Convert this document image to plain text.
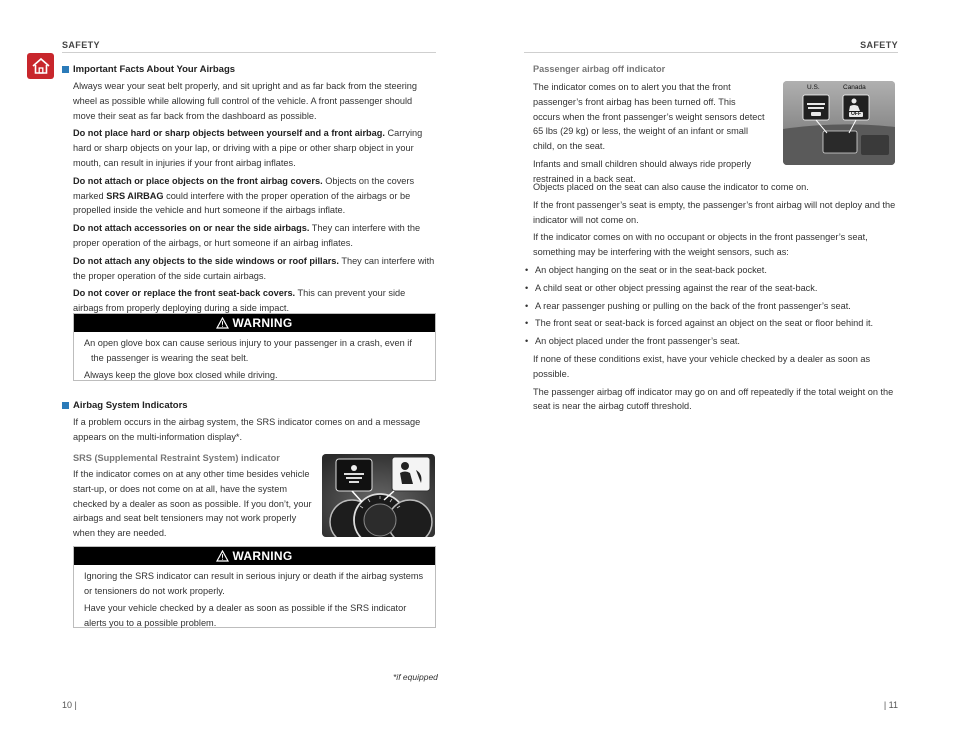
SAFETY
Important Facts About Your Airbags

Always wear your seat belt properly, and sit upright and as far back from the steering wheel as possible while allowing full control of the vehicle. A front passenger should move their seat as far back from the dashboard as possible.

Do not place hard or sharp objects between yourself and a front airbag. Carrying hard or sharp objects on your lap, or driving with a pipe or other sharp object in your mouth, can result in injuries if your front airbag inflates.

Do not attach or place objects on the front airbag covers. Objects on the covers marked SRS AIRBAG could interfere with the proper operation of the airbags or be propelled inside the vehicle and hurt someone if the airbags inflate.

Do not attach accessories on or near the side airbags. They can interfere with the proper operation of the airbags, or hurt someone if an airbag inflates.

Do not attach any objects to the side windows or roof pillars. They can interfere with the proper operation of the side curtain airbags.

Do not cover or replace the front seat-back covers. This can prevent your side airbags from properly deploying during a side impact.

WARNING

An open glove box can cause serious injury to your passenger in a crash, even if the passenger is wearing the seat belt.

Always keep the glove box closed while driving.

Airbag System Indicators
If a problem occurs in the airbag system, the SRS indicator comes on and a message appears on the multi-information display*.
SRS (Supplemental Restraint System) indicator
If the indicator comes on at any other time besides vehicle start-up, or does not come on at all, have the system checked by a dealer as soon as possible. If you don’t, your airbags and seat belt tensioners may not work properly when they are needed.
WARNING

Ignoring the SRS indicator can result in serious injury or death if the airbag systems or tensioners do not work properly.

Have your vehicle checked by a dealer as soon as possible if the SRS indicator alerts you to a possible problem.

*if equipped
10 |
SAFETY
Passenger airbag off indicator

The indicator comes on to alert you that the front passenger’s front airbag has been turned off. This occurs when the front passenger’s weight sensors detect 65 lbs (29 kg) or less, the weight of an infant or small child, on the seat.

Infants and small children should always ride properly restrained in a back seat.

U.S.	Canada
OFF

Objects placed on the seat can also cause the indicator to come on.

If the front passenger’s seat is empty, the passenger’s front airbag will not deploy and the indicator will not come on.

If the indicator comes on with no occupant or objects in the front passenger’s seat, something may be interfering with the weight sensors, such as:

• An object hanging on the seat or in the seat-back pocket.
• A child seat or other object pressing against the rear of the seat-back.
• A rear passenger pushing or pulling on the back of the front passenger’s seat.
• The front seat or seat-back is forced against an object on the seat or floor behind it.
• An object placed under the front passenger’s seat.

If none of these conditions exist, have your vehicle checked by a dealer as soon as possible.

The passenger airbag off indicator may go on and off repeatedly if the total weight on the seat is near the airbag cutoff threshold.

| 11
